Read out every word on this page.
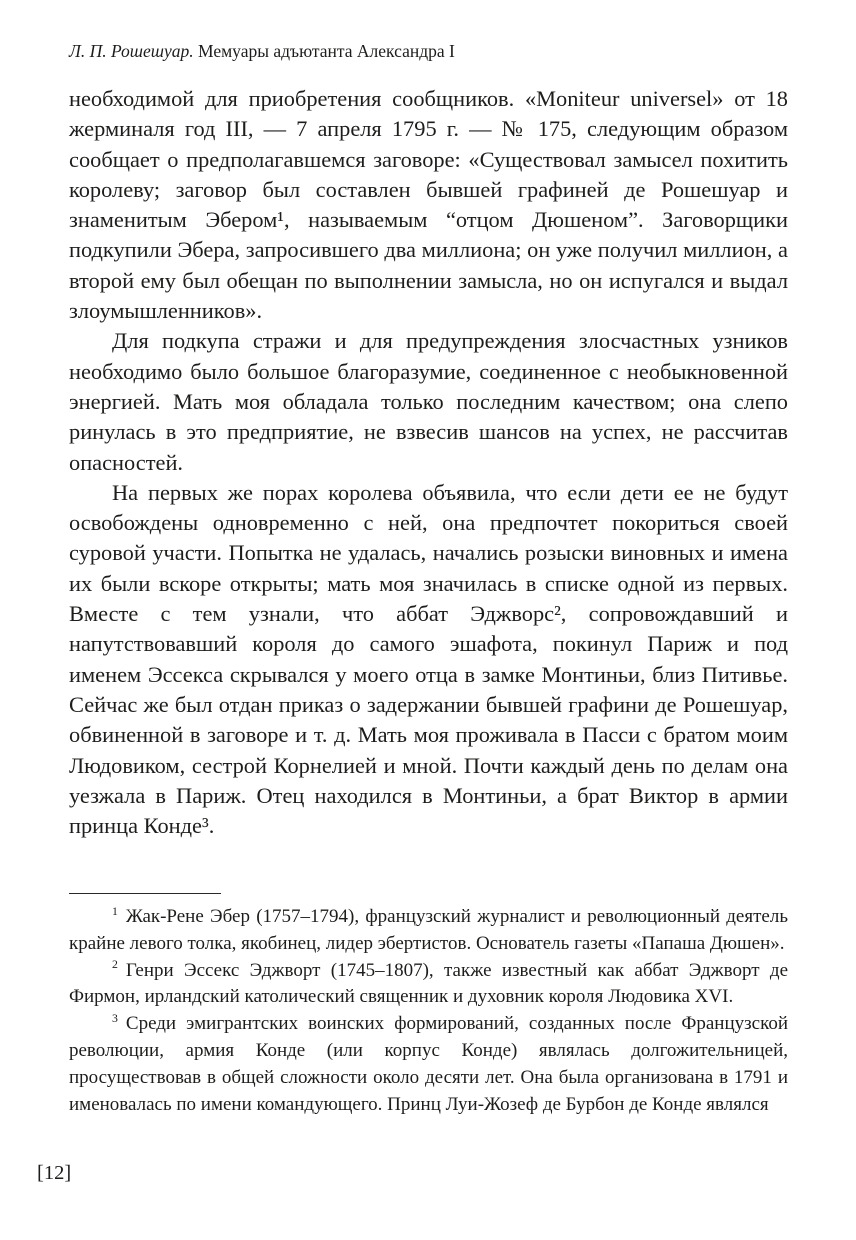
Л. П. Рошешуар. Мемуары адъютанта Александра I

необходимой для приобретения сообщников. «Moniteur universel» от 18 жерминаля год III, — 7 апреля 1795 г. — № 175, следующим образом сообщает о предполагавшемся заговоре: «Существовал замысел похитить королеву; заговор был составлен бывшей графиней де Рошешуар и знаменитым Эбером¹, называемым “отцом Дюшеном”. Заговорщики подкупили Эбера, запросившего два миллиона; он уже получил миллион, а второй ему был обещан по выполнении замысла, но он испугался и выдал злоумышленников».

Для подкупа стражи и для предупреждения злосчастных узников необходимо было большое благоразумие, соединенное с необыкновенной энергией. Мать моя обладала только последним качеством; она слепо ринулась в это предприятие, не взвесив шансов на успех, не рассчитав опасностей.

На первых же порах королева объявила, что если дети ее не будут освобождены одновременно с ней, она предпочтет покориться своей суровой участи. Попытка не удалась, начались розыски виновных и имена их были вскоре открыты; мать моя значилась в списке одной из первых. Вместе с тем узнали, что аббат Эджворс², сопровождавший и напутствовавший короля до самого эшафота, покинул Париж и под именем Эссекса скрывался у моего отца в замке Монтиньи, близ Питивье. Сейчас же был отдан приказ о задержании бывшей графини де Рошешуар, обвиненной в заговоре и т. д. Мать моя проживала в Пасси с братом моим Людовиком, сестрой Корнелией и мной. Почти каждый день по делам она уезжала в Париж. Отец находился в Монтиньи, а брат Виктор в армии принца Конде³.

$^1$ Жак-Рене Эбер (1757–1794), французский журналист и революционный деятель крайне левого толка, якобинец, лидер эбертистов. Основатель газеты «Папаша Дюшен».

$^2$ Генри Эссекс Эджворт (1745–1807), также известный как аббат Эджворт де Фирмон, ирландский католический священник и духовник короля Людовика XVI.

$^3$ Среди эмигрантских воинских формирований, созданных после Французской революции, армия Конде (или корпус Конде) являлась долгожительницей, просуществовав в общей сложности около десяти лет. Она была организована в 1791 и именовалась по имени командующего. Принц Луи-Жозеф де Бурбон де Конде являлся

[12]
